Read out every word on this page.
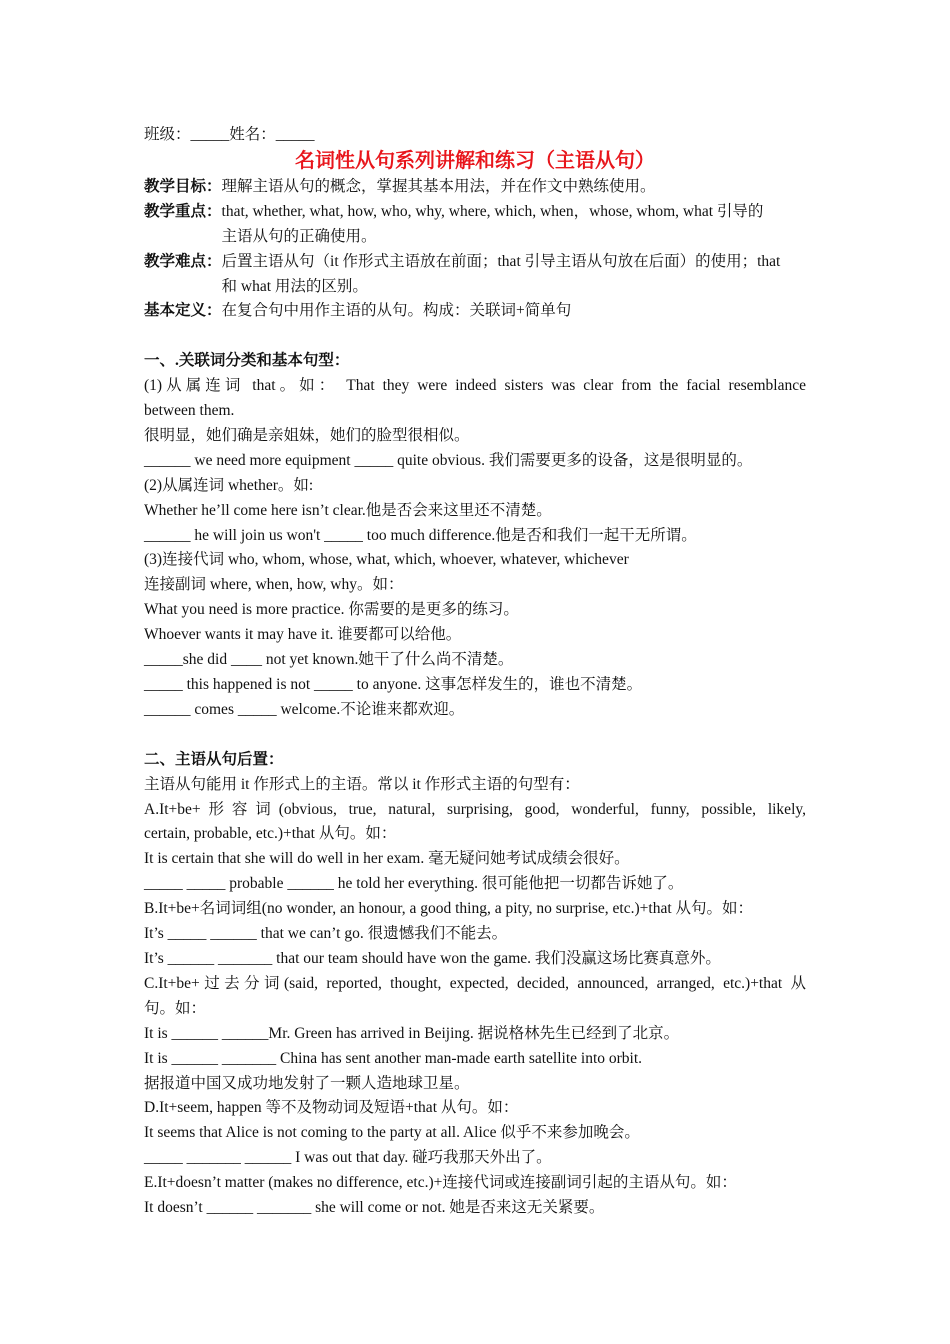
班级：_____姓名：_____
名词性从句系列讲解和练习（主语从句）
教学目标： 理解主语从句的概念，掌握其基本用法，并在作文中熟练使用。
教学重点： that, whether, what, how, who, why, where, which, when，whose, whom, what 引导的
主语从句的正确使用。
教学难点： 后置主语从句（it 作形式主语放在前面；that 引导主语从句放在后面）的使用；that
和 what 用法的区别。
基本定义： 在复合句中用作主语的从句。构成：关联词+简单句
一、.关联词分类和基本句型：
(1)从属连词 that。如： That they were indeed sisters was clear from the facial resemblance
between them.
很明显，她们确是亲姐妹，她们的脸型很相似。
______ we need more equipment _____ quite obvious. 我们需要更多的设备，这是很明显的。
(2)从属连词 whether。如:
Whether he’ll come here isn’t clear.他是否会来这里还不清楚。
______ he will join us won't _____ too much difference.他是否和我们一起干无所谓。
(3)连接代词 who, whom, whose, what, which, whoever, whatever, whichever
连接副词 where, when, how, why。如：
What you need is more practice. 你需要的是更多的练习。
Whoever wants it may have it. 谁要都可以给他。
_____she did ____ not yet known.她干了什么尚不清楚。
_____ this happened is not _____ to anyone. 这事怎样发生的，谁也不清楚。
______ comes _____ welcome.不论谁来都欢迎。
二、主语从句后置：
主语从句能用 it 作形式上的主语。常以 it 作形式主语的句型有：
A.It+be+形容词(obvious, true, natural, surprising, good, wonderful, funny, possible, likely,
certain, probable, etc.)+that 从句。如：
It is certain that she will do well in her exam. 毫无疑问她考试成绩会很好。
_____ _____ probable ______ he told her everything. 很可能他把一切都告诉她了。
B.It+be+名词词组(no wonder, an honour, a good thing, a pity, no surprise, etc.)+that 从句。如：
It’s _____ ______ that we can’t go. 很遗憾我们不能去。
It’s ______ _______ that our team should have won the game. 我们没赢这场比赛真意外。
C.It+be+过去分词(said, reported, thought, expected, decided, announced, arranged, etc.)+that 从
句。如：
It is ______ ______Mr. Green has arrived in Beijing. 据说格林先生已经到了北京。
It is ______ _______ China has sent another man-made earth satellite into orbit.
据报道中国又成功地发射了一颗人造地球卫星。
D.It+seem, happen 等不及物动词及短语+that 从句。如：
It seems that Alice is not coming to the party at all. Alice 似乎不来参加晚会。
_____ _______ ______ I was out that day. 碰巧我那天外出了。
E.It+doesn’t matter (makes no difference, etc.)+连接代词或连接副词引起的主语从句。如：
It doesn’t ______ _______ she will come or not. 她是否来这无关紧要。
